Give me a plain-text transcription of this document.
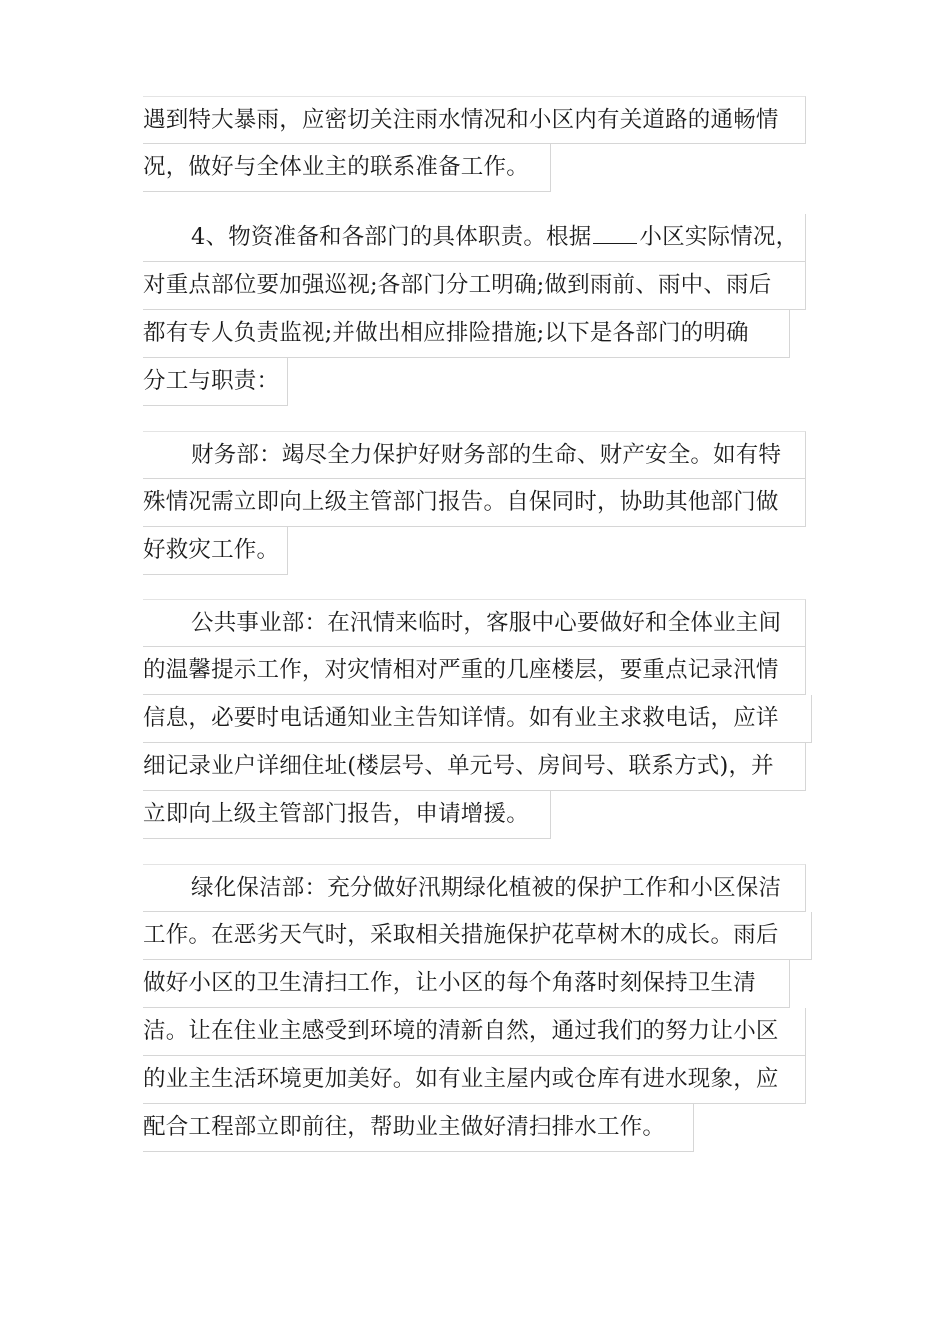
遇到特大暴雨，应密切关注雨水情况和小区内有关道路的通畅情
况，做好与全体业主的联系准备工作。
4、物资准备和各部门的具体职责。根据 小区实际情况，
对重点部位要加强巡视;各部门分工明确;做到雨前、雨中、雨后
都有专人负责监视;并做出相应排险措施;以下是各部门的明确
分工与职责：
财务部：竭尽全力保护好财务部的生命、财产安全。如有特
殊情况需立即向上级主管部门报告。自保同时，协助其他部门做
好救灾工作。
公共事业部：在汛情来临时，客服中心要做好和全体业主间
的温馨提示工作，对灾情相对严重的几座楼层，要重点记录汛情
信息，必要时电话通知业主告知详情。如有业主求救电话，应详
细记录业户详细住址(楼层号、单元号、房间号、联系方式)，并
立即向上级主管部门报告，申请增援。
绿化保洁部：充分做好汛期绿化植被的保护工作和小区保洁
工作。在恶劣天气时，采取相关措施保护花草树木的成长。雨后
做好小区的卫生清扫工作，让小区的每个角落时刻保持卫生清
洁。让在住业主感受到环境的清新自然，通过我们的努力让小区
的业主生活环境更加美好。如有业主屋内或仓库有进水现象，应
配合工程部立即前往，帮助业主做好清扫排水工作。
